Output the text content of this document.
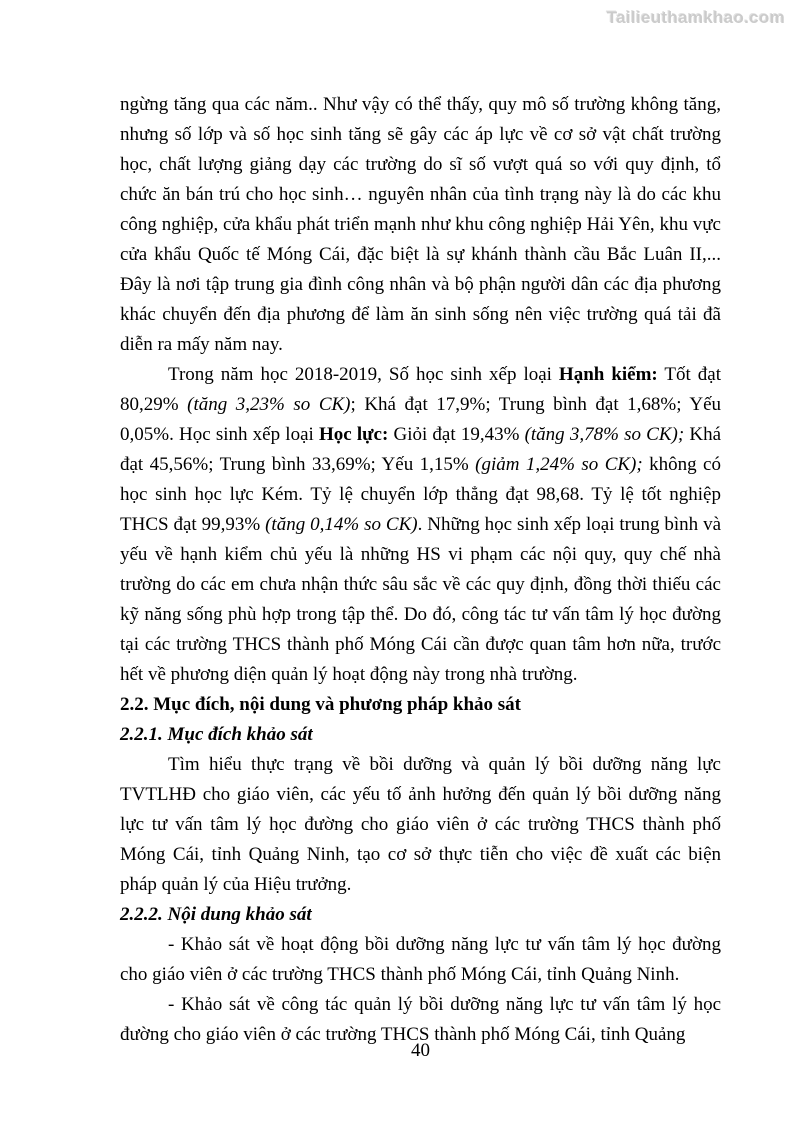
Tailieuthamkhao.com

ngừng tăng qua các năm.. Như vậy có thể thấy, quy mô số trường không tăng, nhưng số lớp và số học sinh tăng sẽ gây các áp lực về cơ sở vật chất trường học, chất lượng giảng dạy các trường do sĩ số vượt quá so với quy định, tổ chức ăn bán trú cho học sinh… nguyên nhân của tình trạng này là do các khu công nghiệp, cửa khẩu phát triển mạnh như khu công nghiệp Hải Yên, khu vực cửa khẩu Quốc tế Móng Cái, đặc biệt là sự khánh thành cầu Bắc Luân II,... Đây là nơi tập trung gia đình công nhân và bộ phận người dân các địa phương khác chuyển đến địa phương để làm ăn sinh sống nên việc trường quá tải đã diễn ra mấy năm nay.

Trong năm học 2018-2019, Số học sinh xếp loại Hạnh kiểm: Tốt đạt 80,29% (tăng 3,23% so CK); Khá đạt 17,9%; Trung bình đạt 1,68%; Yếu 0,05%. Học sinh xếp loại Học lực: Giỏi đạt 19,43% (tăng 3,78% so CK); Khá đạt 45,56%; Trung bình 33,69%; Yếu 1,15% (giảm 1,24% so CK); không có học sinh học lực Kém. Tỷ lệ chuyển lớp thẳng đạt 98,68. Tỷ lệ tốt nghiệp THCS đạt 99,93% (tăng 0,14% so CK). Những học sinh xếp loại trung bình và yếu về hạnh kiểm chủ yếu là những HS vi phạm các nội quy, quy chế nhà trường do các em chưa nhận thức sâu sắc về các quy định, đồng thời thiếu các kỹ năng sống phù hợp trong tập thể. Do đó, công tác tư vấn tâm lý học đường tại các trường THCS thành phố Móng Cái cần được quan tâm hơn nữa, trước hết về phương diện quản lý hoạt động này trong nhà trường.

2.2. Mục đích, nội dung và phương pháp khảo sát
2.2.1. Mục đích khảo sát

Tìm hiểu thực trạng về bồi dưỡng và quản lý bồi dưỡng năng lực TVTLHĐ cho giáo viên, các yếu tố ảnh hưởng đến quản lý bồi dưỡng năng lực tư vấn tâm lý học đường cho giáo viên ở các trường THCS thành phố Móng Cái, tỉnh Quảng Ninh, tạo cơ sở thực tiễn cho việc đề xuất các biện pháp quản lý của Hiệu trưởng.

2.2.2. Nội dung khảo sát

- Khảo sát về hoạt động bồi dưỡng năng lực tư vấn tâm lý học đường cho giáo viên ở các trường THCS thành phố Móng Cái, tỉnh Quảng Ninh.

- Khảo sát về công tác quản lý bồi dưỡng năng lực tư vấn tâm lý học đường cho giáo viên ở các trường THCS thành phố Móng Cái, tỉnh Quảng

40
